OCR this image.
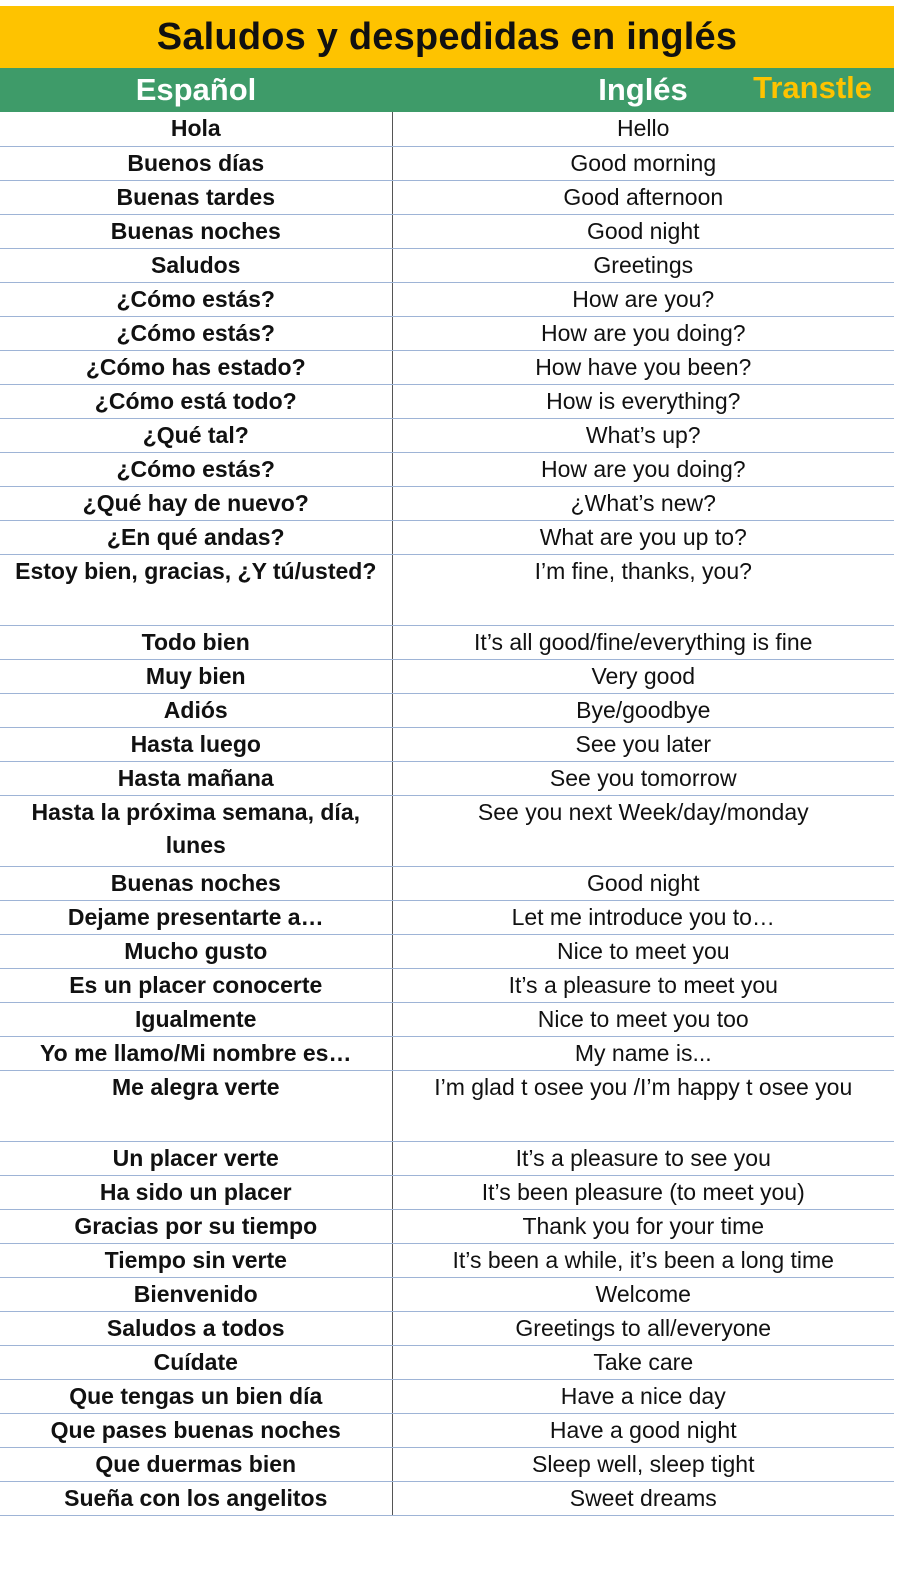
Saludos y despedidas en inglés
Español	Inglés	Transtle
Hola	Hello
Buenos días	Good morning
Buenas tardes	Good afternoon
Buenas noches	Good night
Saludos	Greetings
¿Cómo estás?	How are you?
¿Cómo estás?	How are you doing?
¿Cómo has estado?	How have you been?
¿Cómo está todo?	How is everything?
¿Qué tal?	What’s up?
¿Cómo estás?	How are you doing?
¿Qué hay de nuevo?	¿What’s new?
¿En qué andas?	What are you up to?
Estoy bien, gracias, ¿Y tú/usted?	I’m fine, thanks, you?
Todo bien	It’s all good/fine/everything is fine
Muy bien	Very good
Adiós	Bye/goodbye
Hasta luego	See you later
Hasta mañana	See you tomorrow
Hasta la próxima semana, día, lunes	See you next Week/day/monday
Buenas noches	Good night
Dejame presentarte a…	Let me introduce you to…
Mucho gusto	Nice to meet you
Es un placer conocerte	It’s a pleasure to meet you
Igualmente	Nice to meet you too
Yo me llamo/Mi nombre es…	My name is...
Me alegra verte	I’m glad t osee you /I’m happy t osee you
Un placer verte	It’s a pleasure to see you
Ha sido un placer	It’s been pleasure (to meet you)
Gracias por su tiempo	Thank you for your time
Tiempo sin verte	It’s been a while, it’s been a long time
Bienvenido	Welcome
Saludos a todos	Greetings to all/everyone
Cuídate	Take care
Que tengas un bien día	Have a nice day
Que pases buenas noches	Have a good night
Que duermas bien	Sleep well, sleep tight
Sueña con los angelitos	Sweet dreams
